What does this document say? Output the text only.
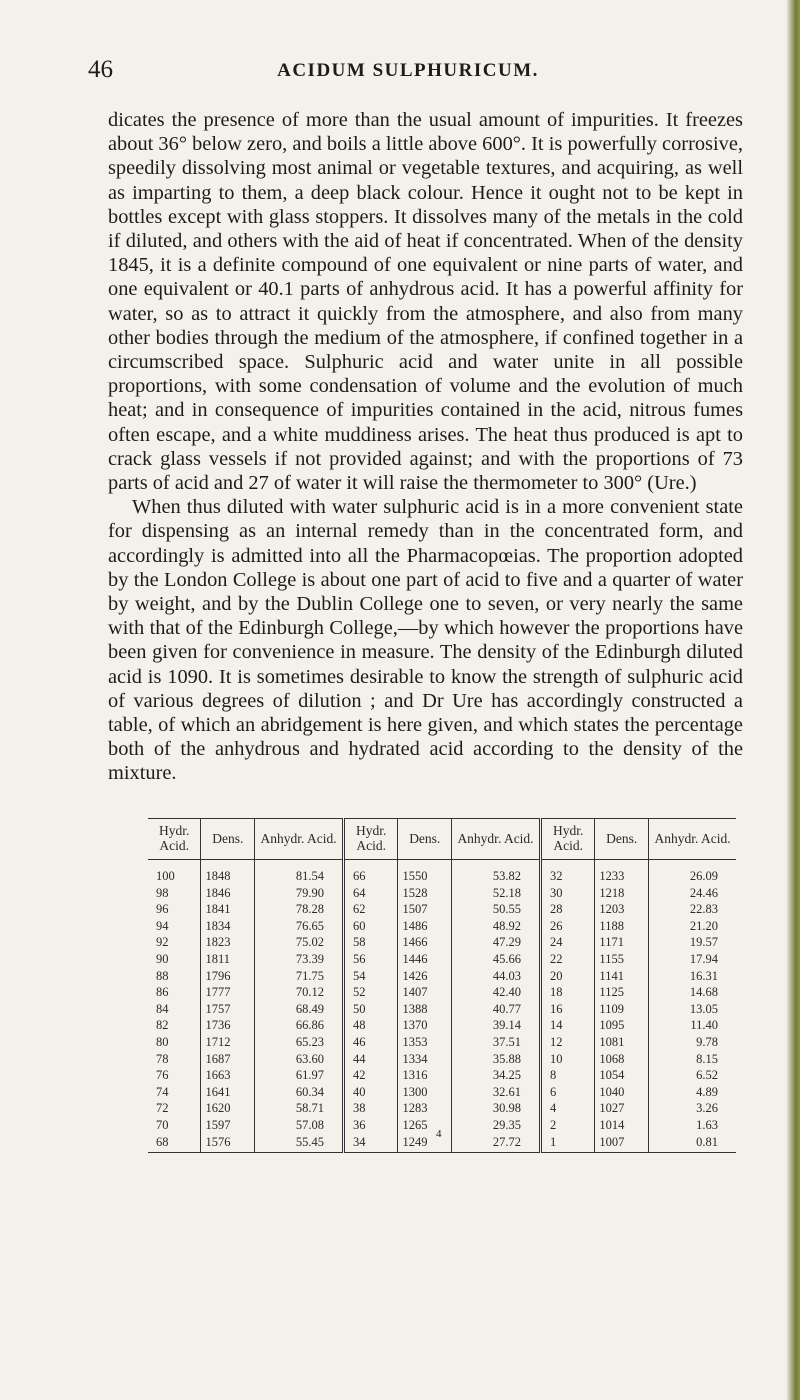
46	ACIDUM SULPHURICUM.

dicates the presence of more than the usual amount of impurities. It freezes about 36° below zero, and boils a little above 600°. It is powerfully corrosive, speedily dissolving most animal or vegetable textures, and acquiring, as well as imparting to them, a deep black colour. Hence it ought not to be kept in bottles except with glass stoppers. It dissolves many of the metals in the cold if diluted, and others with the aid of heat if concentrated. When of the density 1845, it is a definite compound of one equivalent or nine parts of water, and one equivalent or 40.1 parts of anhydrous acid. It has a powerful affinity for water, so as to attract it quickly from the atmosphere, and also from many other bodies through the medium of the atmosphere, if confined together in a circumscribed space. Sulphuric acid and water unite in all possible proportions, with some condensation of volume and the evolution of much heat; and in consequence of impurities contained in the acid, nitrous fumes often escape, and a white muddiness arises. The heat thus produced is apt to crack glass vessels if not provided against; and with the proportions of 73 parts of acid and 27 of water it will raise the thermometer to 300° (Ure.)

When thus diluted with water sulphuric acid is in a more convenient state for dispensing as an internal remedy than in the concentrated form, and accordingly is admitted into all the Pharmacopœias. The proportion adopted by the London College is about one part of acid to five and a quarter of water by weight, and by the Dublin College one to seven, or very nearly the same with that of the Edinburgh College,—by which however the proportions have been given for convenience in measure. The density of the Edinburgh diluted acid is 1090. It is sometimes desirable to know the strength of sulphuric acid of various degrees of dilution ; and Dr Ure has accordingly constructed a table, of which an abridgement is here given, and which states the percentage both of the anhydrous and hydrated acid according to the density of the mixture.

Hydr. Acid.	Dens.	Anhydr. Acid.	Hydr. Acid.	Dens.	Anhydr. Acid.	Hydr. Acid.	Dens.	Anhydr. Acid.
100	1848	81.54	66	1550	53.82	32	1233	26.09
98	1846	79.90	64	1528	52.18	30	1218	24.46
96	1841	78.28	62	1507	50.55	28	1203	22.83
94	1834	76.65	60	1486	48.92	26	1188	21.20
92	1823	75.02	58	1466	47.29	24	1171	19.57
90	1811	73.39	56	1446	45.66	22	1155	17.94
88	1796	71.75	54	1426	44.03	20	1141	16.31
86	1777	70.12	52	1407	42.40	18	1125	14.68
84	1757	68.49	50	1388	40.77	16	1109	13.05
82	1736	66.86	48	1370	39.14	14	1095	11.40
80	1712	65.23	46	1353	37.51	12	1081	9.78
78	1687	63.60	44	1334	35.88	10	1068	8.15
76	1663	61.97	42	1316	34.25	8	1054	6.52
74	1641	60.34	40	1300	32.61	6	1040	4.89
72	1620	58.71	38	1283	30.98	4	1027	3.26
70	1597	57.08	36	1265	29.35	2	1014	1.63
68	1576	55.45	34	1249	27.72	1	1007	0.81
4
